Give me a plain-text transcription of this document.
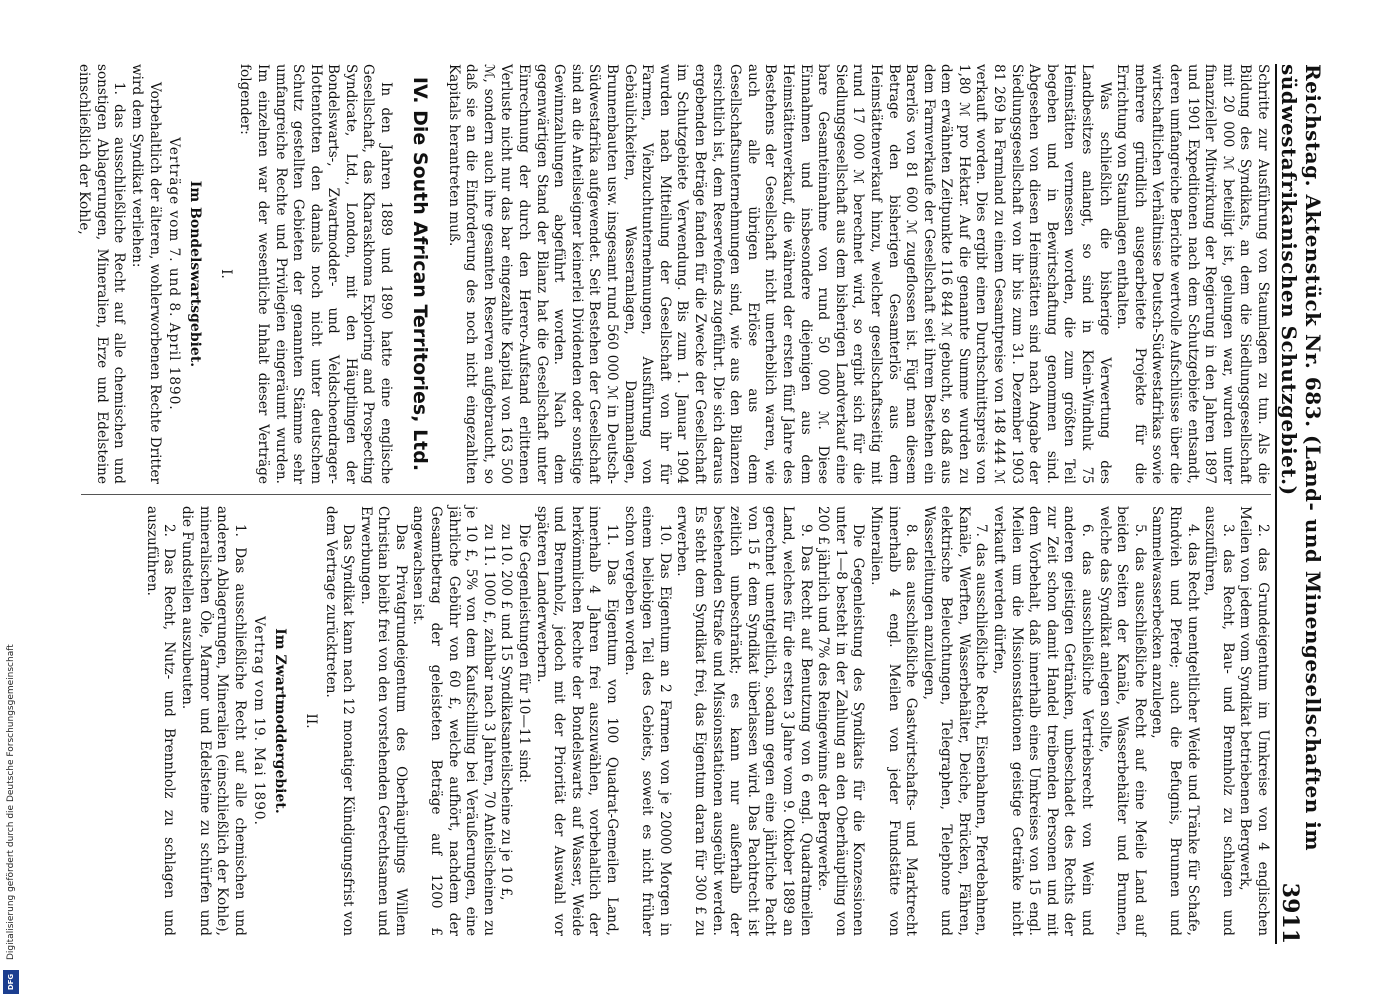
Reichstag. Aktenstück Nr. 683. (Land- und Minengesellschaften im südwestafrikanischen Schutzgebiet.)
3911

Schritte zur Ausführung von Staumlagen zu tun. Als die Bildung des Syndikats, an dem die Siedlungsgesellschaft mit 20 000 ℳ beteiligt ist, gelungen war, wurden unter finanzieller Mitwirkung der Regierung in den Jahren 1897 und 1901 Expeditionen nach dem Schutzgebiete entsandt, deren umfangreiche Berichte wertvolle Aufschlüsse über die wirtschaftlichen Verhältnisse Deutsch-Südwestafrikas sowie mehrere gründlich ausgearbeitete Projekte für die Errichtung von Staumlagen enthalten.

Was schließlich die bisherige Verwertung des Landbesitzes anlangt, so sind in Klein-Windhuk 75 Heimstätten vermessen worden, die zum größten Teil begeben und in Bewirtschaftung genommen sind. Abgesehen von diesen Heimstätten sind nach Angabe der Siedlungsgesellschaft von ihr bis zum 31. Dezember 1903 81 269 ha Farmland zu einem Gesamtpreise von 148 444 ℳ verkauft worden. Dies ergibt einen Durchschnittspreis von 1,80 ℳ pro Hektar. Auf die genannte Summe wurden zu dem erwähnten Zeitpunkte 116 844 ℳ gebucht, so daß aus dem Farmverkaufe der Gesellschaft seit ihrem Bestehen ein Barerlös von 81 600 ℳ zugeflossen ist. Fügt man diesem Betrage den bisherigen Gesamterlös aus dem Heimstättenverkauf hinzu, welcher gesellschaftsseitig mit rund 17 000 ℳ berechnet wird, so ergibt sich für die Siedlungsgesellschaft aus dem bisherigen Landverkauf eine bare Gesamteinnahme von rund 50 000 ℳ. Diese Einnahmen und insbesondere diejenigen aus dem Heimstättenverkauf, die während der ersten fünf Jahre des Bestehens der Gesellschaft nicht unerheblich waren, wie auch alle übrigen Erlöse aus dem Gesellschaftsunternehmungen sind, wie aus den Bilanzen ersichtlich ist, dem Reservefonds zugeführt. Die sich daraus ergebenden Beträge fanden für die Zwecke der Gesellschaft im Schutzgebiete Verwendung. Bis zum 1. Januar 1904 wurden nach Mitteilung der Gesellschaft von ihr für Farmen, Viehzuchtunternehmungen, Ausführung von Gebäulichkeiten, Wasseranlagen, Dammanlagen, Brunnenbauten usw. insgesamt rund 560 000 ℳ in Deutsch-Südwestafrika aufgewendet. Seit Bestehen der Gesellschaft sind an die Anteilseigner keinerlei Dividenden oder sonstige Gewinnzahlungen abgeführt worden. Nach dem gegenwärtigen Stand der Bilanz hat die Gesellschaft unter Einrechnung der durch den Herero-Aufstand erlittenen Verluste nicht nur das bar eingezahlte Kapital von 163 500 ℳ, sondern auch ihre gesamten Reserven aufgebraucht, so daß sie an die Einforderung des noch nicht eingezahlten Kapitals herantreten muß.

IV. Die South African Territories, Ltd.

In den Jahren 1889 und 1890 hatte eine englische Gesellschaft, das Kharaskhoma Exploring and Prospecting Syndicate, Ltd., London, mit den Häuptlingen der Bondelswarts-, Zwartmodder- und Veldschoendrager-Hottentotten den damals noch nicht unter deutschem Schutz gestellten Gebieten der genannten Stämme sehr umfangreiche Rechte und Privilegien eingeräumt wurden. Im einzelnen war der wesentliche Inhalt dieser Verträge folgender:

I.
Im Bondelswartsgebiet.
Verträge vom 7. und 8. April 1890.

Vorbehaltlich der älteren, wohlerworbenen Rechte Dritter wird dem Syndikat verliehen:

1. das ausschließliche Recht auf alle chemischen und sonstigen Ablagerungen, Mineralien, Erze und Edelsteine einschließlich der Kohle,

2. das Grundeigentum im Umkreise von 4 englischen Meilen von jedem vom Syndikat betriebenen Bergwerk,

3. das Recht, Bau- und Brennholz zu schlagen und auszuführen,

4. das Recht unentgeltlicher Weide und Tränke für Schafe, Rindvieh und Pferde; auch die Befugnis, Brunnen und Sammelwasserbecken anzulegen,

5. das ausschließliche Recht auf eine Meile Land auf beiden Seiten der Kanäle, Wasserbehälter und Brunnen, welche das Syndikat anlegen sollte,

6. das ausschließliche Vertriebsrecht von Wein und anderen geistigen Getränken, unbeschadet des Rechts der zur Zeit schon damit Handel treibenden Personen und mit dem Vorbehalt, daß innerhalb eines Umkreises von 15 engl. Meilen um die Missionsstationen geistige Getränke nicht verkauft werden dürfen,

7. das ausschließliche Recht, Eisenbahnen, Pferdebahnen, Kanäle, Werften, Wasserbehälter, Deiche, Brücken, Fähren, elektrische Beleuchtungen, Telegraphen, Telephone und Wasserleitungen anzulegen,

8. das ausschließliche Gastwirtschafts- und Marktrecht innerhalb 4 engl. Meilen von jeder Fundstätte von Mineralien.

Die Gegenleistung des Syndikats für die Konzessionen unter 1—8 besteht in der Zahlung an den Oberhäuptling von 200 £ jährlich und 7% des Reingewinns der Bergwerke.

9. Das Recht auf Benutzung von 6 engl. Quadratmeilen Land, welches für die ersten 3 Jahre vom 9. Oktober 1889 an gerechnet unentgeltlich, sodann gegen eine jährliche Pacht von 15 £ dem Syndikat überlassen wird. Das Pachtrecht ist zeitlich unbeschränkt; es kann nur außerhalb der bestehenden Straße und Missionsstationen ausgeübt werden. Es steht dem Syndikat frei, das Eigentum daran für 300 £ zu erwerben.

10. Das Eigentum an 2 Farmen von je 20000 Morgen in einem beliebigen Teil des Gebiets, soweit es nicht früher schon vergeben worden.

11. Das Eigentum von 100 Quadrat-Gemeilen Land, innerhalb 4 Jahren frei auszuwählen, vorbehaltlich der herkömmlichen Rechte der Bondelswarts auf Wasser, Weide und Brennholz, jedoch mit der Priorität der Auswahl vor späteren Landerwerbern.

Die Gegenleistungen für 10—11 sind:

zu 10. 200 £ und 15 Syndikatsanteilscheine zu je 10 £,

zu 11. 1000 £, zahlbar nach 3 Jahren, 70 Anteilscheinen zu je 10 £, 5% von dem Kaufschilling bei Veräußerungen, eine jährliche Gebühr von 60 £, welche aufhört, nachdem der Gesamtbetrag der geleisteten Beträge auf 1200 £ angewachsen ist.

Das Privatgrundeigentum des Oberhäuptlings Willem Christian bleibt frei von den vorstehenden Gerechtsamen und Erwerbungen.

Das Syndikat kann nach 12 monatiger Kündigungsfrist von dem Vertrage zurücktreten.

II.
Im Zwartmoddergebiet.
Vertrag vom 19. Mai 1890.

1. Das ausschließliche Recht auf alle chemischen und anderen Ablagerungen, Mineralien (einschließlich der Kohle), mineralischen Öle, Marmor und Edelsteine zu schürfen und die Fundstellen auszubeuten.

2. Das Recht, Nutz- und Brennholz zu schlagen und auszuführen.

Digitalisierung gefördert durch die Deutsche Forschungsgemeinschaft
DFG
